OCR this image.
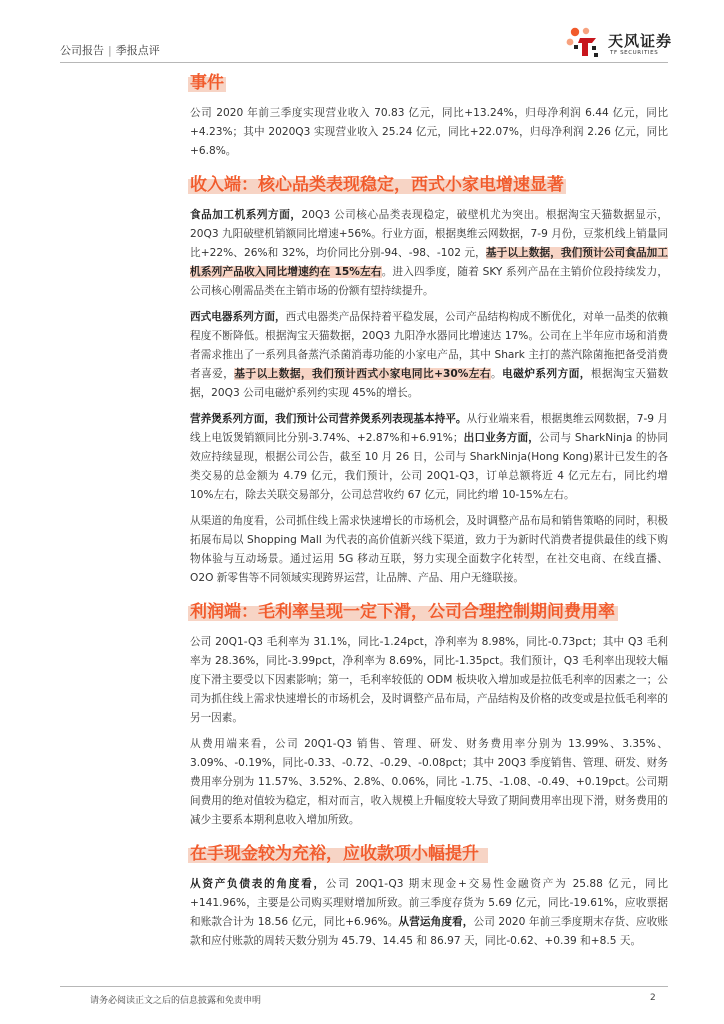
公司报告 | 季报点评
天风证券
TF SECURITIES
事件

公司 2020 年前三季度实现营业收入 70.83 亿元，同比+13.24%，归母净利润 6.44 亿元，同比+4.23%；其中 2020Q3 实现营业收入 25.24 亿元，同比+22.07%，归母净利润 2.26 亿元，同比+6.8%。

收入端：核心品类表现稳定，西式小家电增速显著

食品加工机系列方面，20Q3 公司核心品类表现稳定，破壁机尤为突出。根据淘宝天猫数据显示，20Q3 九阳破壁机销额同比增速+56%。行业方面，根据奥维云网数据，7-9 月份，豆浆机线上销量同比+22%、26%和 32%，均价同比分别-94、-98、-102 元，基于以上数据，我们预计公司食品加工机系列产品收入同比增速约在 15%左右。进入四季度，随着 SKY 系列产品在主销价位段持续发力，公司核心刚需品类在主销市场的份额有望持续提升。

西式电器系列方面，西式电器类产品保持着平稳发展，公司产品结构构成不断优化，对单一品类的依赖程度不断降低。根据淘宝天猫数据，20Q3 九阳净水器同比增速达 17%。公司在上半年应市场和消费者需求推出了一系列具备蒸汽杀菌消毒功能的小家电产品，其中 Shark 主打的蒸汽除菌拖把备受消费者喜爱，基于以上数据，我们预计西式小家电同比+30%左右。电磁炉系列方面，根据淘宝天猫数据，20Q3 公司电磁炉系列约实现 45%的增长。

营养煲系列方面，我们预计公司营养煲系列表现基本持平。从行业端来看，根据奥维云网数据，7-9 月线上电饭煲销额同比分别-3.74%、+2.87%和+6.91%；出口业务方面，公司与 SharkNinja 的协同效应持续显现，根据公司公告，截至 10 月 26 日，公司与 SharkNinja(Hong Kong)累计已发生的各类交易的总金额为 4.79 亿元，我们预计，公司 20Q1-Q3，订单总额将近 4 亿元左右，同比约增 10%左右，除去关联交易部分，公司总营收约 67 亿元，同比约增 10-15%左右。

从渠道的角度看，公司抓住线上需求快速增长的市场机会，及时调整产品布局和销售策略的同时，积极拓展布局以 Shopping Mall 为代表的高价值新兴线下渠道，致力于为新时代消费者提供最佳的线下购物体验与互动场景。通过运用 5G 移动互联，努力实现全面数字化转型，在社交电商、在线直播、O2O 新零售等不同领域实现跨界运营，让品牌、产品、用户无缝联接。

利润端：毛利率呈现一定下滑，公司合理控制期间费用率

公司 20Q1-Q3 毛利率为 31.1%，同比-1.24pct，净利率为 8.98%，同比-0.73pct；其中 Q3 毛利率为 28.36%，同比-3.99pct，净利率为 8.69%，同比-1.35pct。我们预计，Q3 毛利率出现较大幅度下滑主要受以下因素影响；第一，毛利率较低的 ODM 板块收入增加或是拉低毛利率的因素之一；公司为抓住线上需求快速增长的市场机会，及时调整产品布局，产品结构及价格的改变或是拉低毛利率的另一因素。

从费用端来看，公司 20Q1-Q3 销售、管理、研发、财务费用率分别为 13.99%、3.35%、3.09%、-0.19%，同比-0.33、-0.72、-0.29、-0.08pct；其中 20Q3 季度销售、管理、研发、财务费用率分别为 11.57%、3.52%、2.8%、0.06%，同比 -1.75、-1.08、-0.49、+0.19pct。公司期间费用的绝对值较为稳定，相对而言，收入规模上升幅度较大导致了期间费用率出现下滑，财务费用的减少主要系本期利息收入增加所致。

在手现金较为充裕，应收款项小幅提升

从资产负债表的角度看，公司 20Q1-Q3 期末现金+交易性金融资产为 25.88 亿元，同比+141.96%，主要是公司购买理财增加所致。前三季度存货为 5.69 亿元，同比-19.61%，应收票据和账款合计为 18.56 亿元，同比+6.96%。从营运角度看，公司 2020 年前三季度期末存货、应收账款和应付账款的周转天数分别为 45.79、14.45 和 86.97 天，同比-0.62、+0.39 和+8.5 天。

请务必阅读正文之后的信息披露和免责申明	2
